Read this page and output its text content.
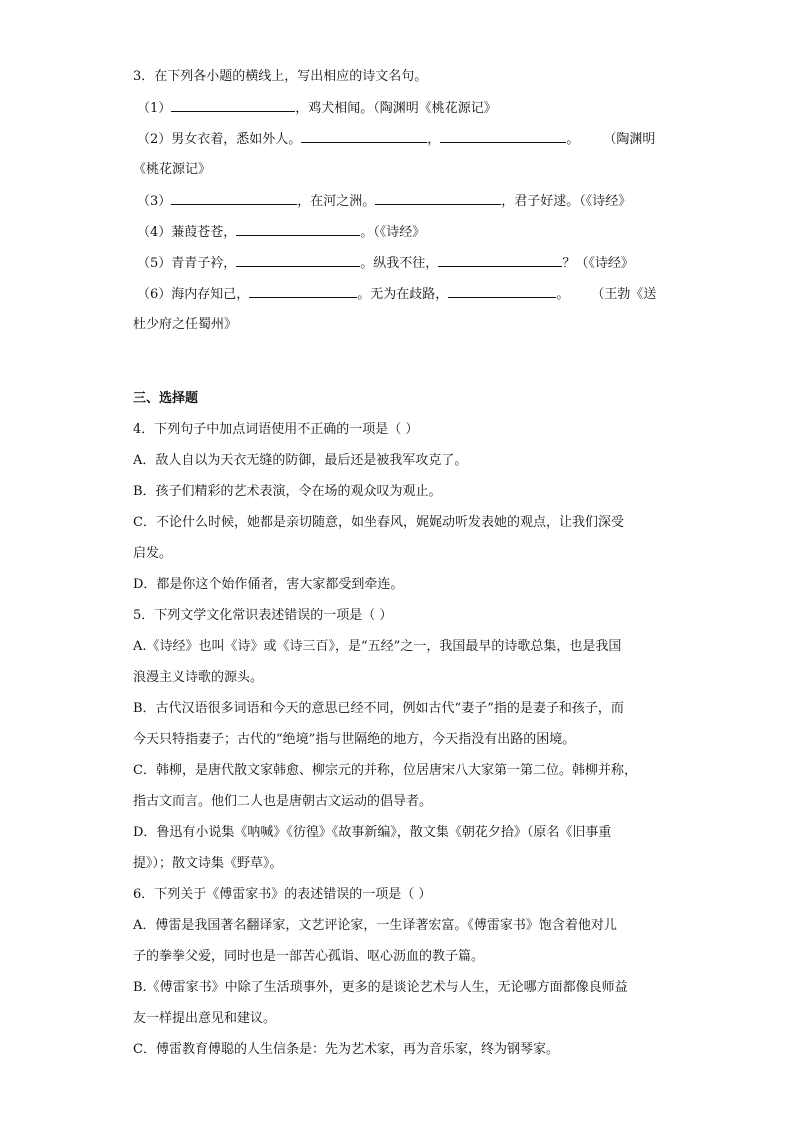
3．在下列各小题的横线上，写出相应的诗文名句。
（1）	，鸡犬相闻。（陶渊明《桃花源记》
（2）男女衣着，悉如外人。	，	。 （陶渊明
《桃花源记》
（3）	，在河之洲。	，君子好逑。（《诗经》
（4）蒹葭苍苍，	。（《诗经》
（5）青青子衿，	。纵我不往，	？（《诗经》
（6）海内存知己，	。无为在歧路，	。 （王勃《送
杜少府之任蜀州》
三、选择题
4．下列句子中加点词语使用不正确的一项是（ ）
A．敌人自以为天衣无缝的防御，最后还是被我军攻克了。
B．孩子们精彩的艺术表演，令在场的观众叹为观止。
C．不论什么时候，她都是亲切随意，如坐春风，娓娓动听发表她的观点，让我们深受
启发。
D．都是你这个始作俑者，害大家都受到牵连。
5．下列文学文化常识表述错误的一项是（ ）
A.《诗经》也叫《诗》或《诗三百》，是“五经”之一，我国最早的诗歌总集，也是我国
浪漫主义诗歌的源头。
B．古代汉语很多词语和今天的意思已经不同，例如古代“妻子”指的是妻子和孩子，而
今天只特指妻子；古代的“绝境”指与世隔绝的地方，今天指没有出路的困境。
C．韩柳，是唐代散文家韩愈、柳宗元的并称，位居唐宋八大家第一第二位。韩柳并称，
指古文而言。他们二人也是唐朝古文运动的倡导者。
D．鲁迅有小说集《呐喊》《彷徨》《故事新编》，散文集《朝花夕拾》（原名《旧事重
提》）；散文诗集《野草》。
6．下列关于《傅雷家书》的表述错误的一项是（ ）
A．傅雷是我国著名翻译家，文艺评论家，一生译著宏富。《傅雷家书》饱含着他对儿
子的拳拳父爱，同时也是一部苦心孤诣、呕心沥血的教子篇。
B.《傅雷家书》中除了生活琐事外，更多的是谈论艺术与人生，无论哪方面都像良师益
友一样提出意见和建议。
C．傅雷教育傅聪的人生信条是：先为艺术家，再为音乐家，终为钢琴家。
